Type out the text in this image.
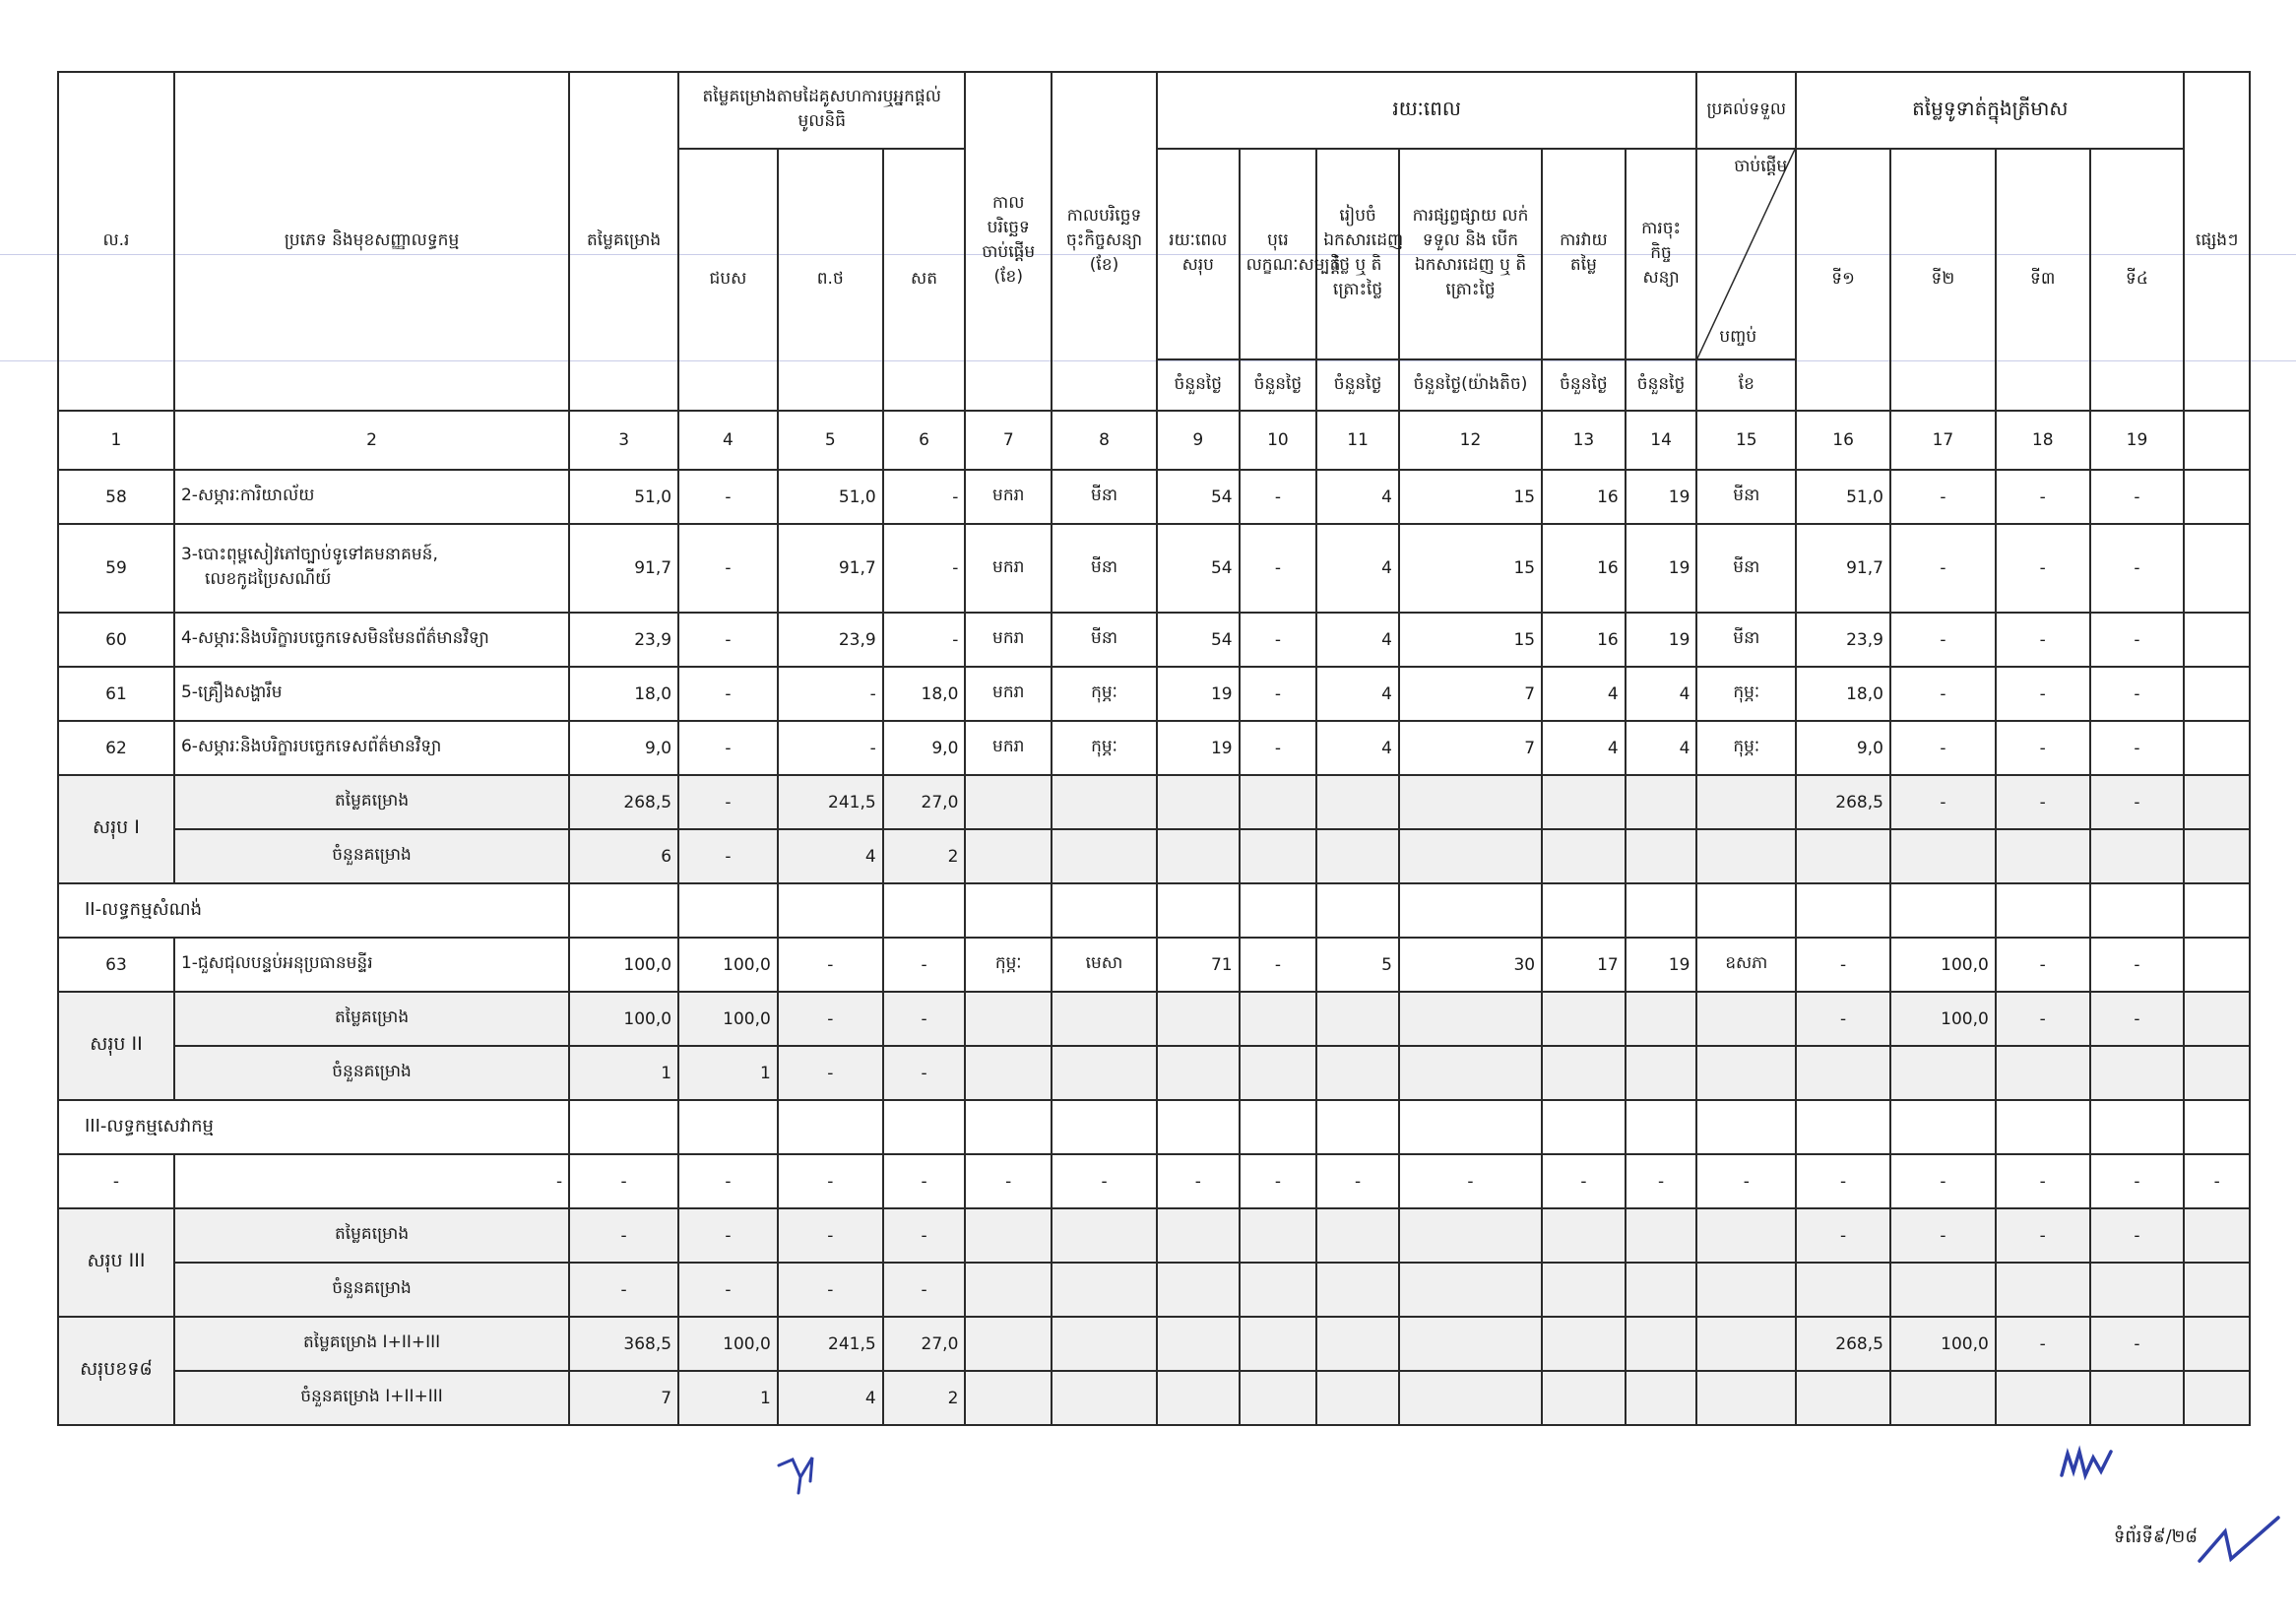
ល.រ	ប្រភេទ និងមុខសញ្ញាលទ្ធកម្ម	តម្លៃគម្រោង	តម្លៃគម្រោងតាមដៃគូសហការឬអ្នកផ្តល់មូលនិធិ			កាលបរិច្ឆេទ ចាប់ផ្តើម (ខែ)	កាលបរិច្ឆេទ ចុះកិច្ចសន្យា (ខែ)	រយៈពេល						ប្រគល់ទទួល	តម្លៃទូទាត់ក្នុងត្រីមាស				ផ្សេងៗ
			ជបស	ព.ថ	សត			រយៈពេលសរុប	បុរេលក្ខណៈសម្បត្តិ	រៀបចំឯកសារដេញថ្លៃ ឬ តិត្រោះថ្លៃ	ការផ្សព្វផ្សាយ លក់ ទទួល និង បើកឯកសារដេញ ឬ តិត្រោះថ្លៃ	ការវាយតម្លៃ	ការចុះកិច្ចសន្យា	ចាប់ផ្តើម
បញ្ចប់	ទី១	ទី២	ទី៣	ទី៤	
								ចំនួនថ្ងៃ	ចំនួនថ្ងៃ	ចំនួនថ្ងៃ	ចំនួនថ្ងៃ(យ៉ាងតិច)	ចំនួនថ្ងៃ	ចំនួនថ្ងៃ	ខែ					
1	2	3	4	5	6	7	8	9	10	11	12	13	14	15	16	17	18	19	
58	2-សម្ភារៈការិយាល័យ	51,0	-	51,0	-	មករា	មីនា	54	-	4	15	16	19	មីនា	51,0	-	-	-	
59	3-បោះពុម្ពសៀវភៅច្បាប់ទូទៅគមនាគមន៍,
លេខកូដប្រៃសណីយ៍	91,7	-	91,7	-	មករា	មីនា	54	-	4	15	16	19	មីនា	91,7	-	-	-	
60	4-សម្ភារៈនិងបរិក្ខារបច្ចេកទេសមិនមែនព័ត៌មានវិទ្យា	23,9	-	23,9	-	មករា	មីនា	54	-	4	15	16	19	មីនា	23,9	-	-	-	
61	5-គ្រឿងសង្ហារឹម	18,0	-	-	18,0	មករា	កុម្ភៈ	19	-	4	7	4	4	កុម្ភៈ	18,0	-	-	-	
62	6-សម្ភារៈនិងបរិក្ខារបច្ចេកទេសព័ត៌មានវិទ្យា	9,0	-	-	9,0	មករា	កុម្ភៈ	19	-	4	7	4	4	កុម្ភៈ	9,0	-	-	-	
សរុប I	តម្លៃគម្រោង	268,5	-	241,5	27,0										268,5	-	-	-	
	ចំនួនគម្រោង	6	-	4	2														
II-លទ្ធកម្មសំណង់																			
63	1-ជួសជុលបន្ទប់អនុប្រធានមន្ទីរ	100,0	100,0	-	-	កុម្ភៈ	មេសា	71	-	5	30	17	19	ឧសភា	-	100,0	-	-	
សរុប II	តម្លៃគម្រោង	100,0	100,0	-	-										-	100,0	-	-	
	ចំនួនគម្រោង	1	1	-	-														
III-លទ្ធកម្មសេវាកម្ម																			
-	-	-	-	-	-	-	-	-	-	-	-	-	-	-	-	-	-	-	-
សរុប III	តម្លៃគម្រោង	-	-	-	-										-	-	-	-	
	ចំនួនគម្រោង	-	-	-	-														
សរុបខទ៨	តម្លៃគម្រោង I+II+III	368,5	100,0	241,5	27,0										268,5	100,0	-	-	
	ចំនួនគម្រោង I+II+III	7	1	4	2														
ទំព័រទី៩/២៨
